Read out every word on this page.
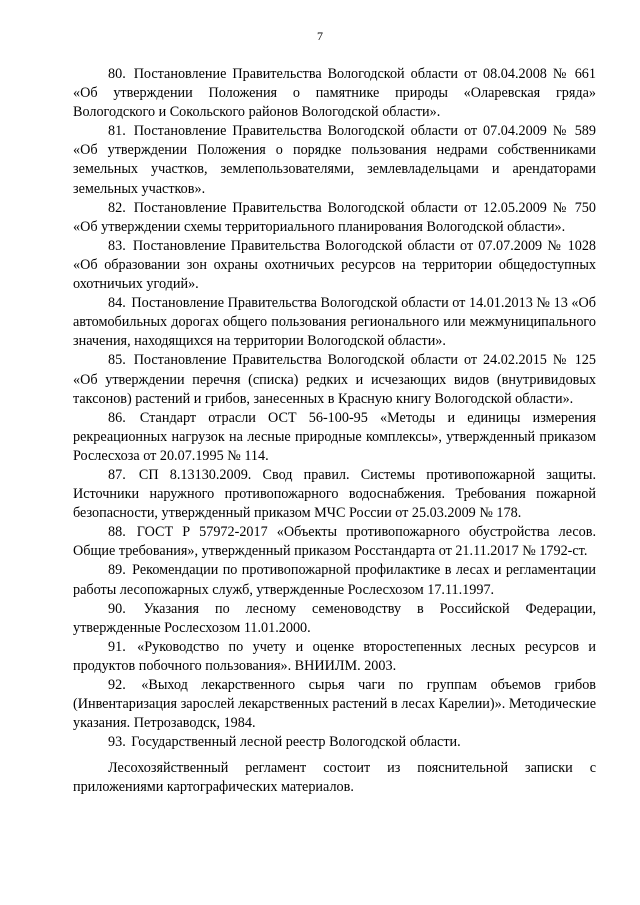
7

80. Постановление Правительства Вологодской области от 08.04.2008 № 661 «Об утверждении Положения о памятнике природы «Оларевская гряда» Вологодского и Сокольского районов Вологодской области».

81. Постановление Правительства Вологодской области от 07.04.2009 № 589 «Об утверждении Положения о порядке пользования недрами собственниками земельных участков, землепользователями, землевладельцами и арендаторами земельных участков».

82. Постановление Правительства Вологодской области от 12.05.2009 № 750 «Об утверждении схемы территориального планирования Вологодской области».

83. Постановление Правительства Вологодской области от 07.07.2009 № 1028 «Об образовании зон охраны охотничьих ресурсов на территории общедоступных охотничьих угодий».

84. Постановление Правительства Вологодской области от 14.01.2013 № 13 «Об автомобильных дорогах общего пользования регионального или межмуниципального значения, находящихся на территории Вологодской области».

85. Постановление Правительства Вологодской области от 24.02.2015 № 125 «Об утверждении перечня (списка) редких и исчезающих видов (внутривидовых таксонов) растений и грибов, занесенных в Красную книгу Вологодской области».

86. Стандарт отрасли ОСТ 56-100-95 «Методы и единицы измерения рекреационных нагрузок на лесные природные комплексы», утвержденный приказом Рослесхоза от 20.07.1995 № 114.

87. СП 8.13130.2009. Свод правил. Системы противопожарной защиты. Источники наружного противопожарного водоснабжения. Требования пожарной безопасности, утвержденный приказом МЧС России от 25.03.2009 № 178.

88. ГОСТ Р 57972-2017 «Объекты противопожарного обустройства лесов. Общие требования», утвержденный приказом Росстандарта от 21.11.2017 № 1792-ст.

89. Рекомендации по противопожарной профилактике в лесах и регламентации работы лесопожарных служб, утвержденные Рослесхозом 17.11.1997.

90. Указания по лесному семеноводству в Российской Федерации, утвержденные Рослесхозом 11.01.2000.

91. «Руководство по учету и оценке второстепенных лесных ресурсов и продуктов побочного пользования». ВНИИЛМ. 2003.

92. «Выход лекарственного сырья чаги по группам объемов грибов (Инвентаризация зарослей лекарственных растений в лесах Карелии)». Методические указания. Петрозаводск, 1984.

93. Государственный лесной реестр Вологодской области.

Лесохозяйственный регламент состоит из пояснительной записки с приложениями картографических материалов.
